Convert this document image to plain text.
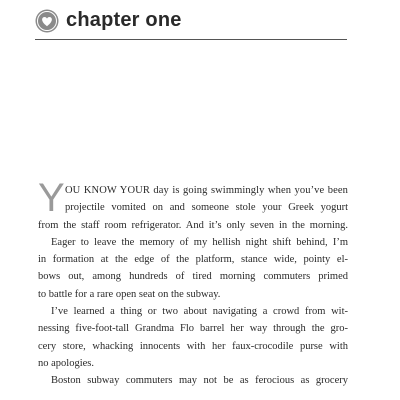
chapter one
Y OU KNOW YOUR day is going swimmingly when you’ve been
projectile vomited on and someone stole your Greek yogurt
from the staff room refrigerator. And it’s only seven in the morning.
Eager to leave the memory of my hellish night shift behind, I’m
in formation at the edge of the platform, stance wide, pointy el-
bows out, among hundreds of tired morning commuters primed
to battle for a rare open seat on the subway.
I’ve learned a thing or two about navigating a crowd from wit-
nessing five-foot-tall Grandma Flo barrel her way through the gro-
cery store, whacking innocents with her faux-crocodile purse with
no apologies.
Boston subway commuters may not be as ferocious as grocery
